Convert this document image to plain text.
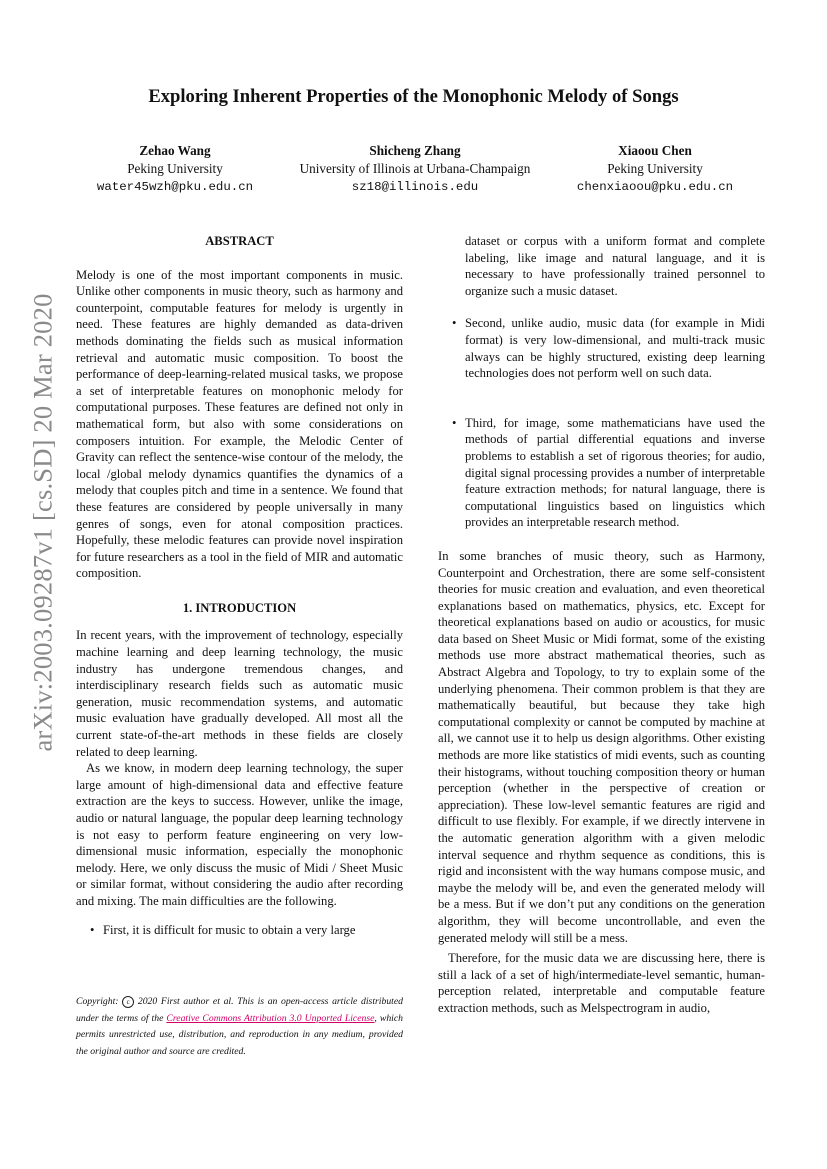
arXiv:2003.09287v1 [cs.SD] 20 Mar 2020
Exploring Inherent Properties of the Monophonic Melody of Songs
Zehao Wang
Peking University
water45wzh@pku.edu.cn
Shicheng Zhang
University of Illinois at Urbana-Champaign
sz18@illinois.edu
Xiaoou Chen
Peking University
chenxiaoou@pku.edu.cn
ABSTRACT

Melody is one of the most important components in music. Unlike other components in music theory, such as harmony and counterpoint, computable features for melody is urgently in need. These features are highly demanded as data-driven methods dominating the fields such as musical information retrieval and automatic music composition. To boost the performance of deep-learning-related musical tasks, we propose a set of interpretable features on monophonic melody for computational purposes. These features are defined not only in mathematical form, but also with some considerations on composers intuition. For example, the Melodic Center of Gravity can reflect the sentence-wise contour of the melody, the local /global melody dynamics quantifies the dynamics of a melody that couples pitch and time in a sentence. We found that these features are considered by people universally in many genres of songs, even for atonal composition practices. Hopefully, these melodic features can provide novel inspiration for future researchers as a tool in the field of MIR and automatic composition.

1. INTRODUCTION

In recent years, with the improvement of technology, especially machine learning and deep learning technology, the music industry has undergone tremendous changes, and interdisciplinary research fields such as automatic music generation, music recommendation systems, and automatic music evaluation have gradually developed. All most all the current state-of-the-art methods in these fields are closely related to deep learning.

As we know, in modern deep learning technology, the super large amount of high-dimensional data and effective feature extraction are the keys to success. However, unlike the image, audio or natural language, the popular deep learning technology is not easy to perform feature engineering on very low-dimensional music information, especially the monophonic melody. Here, we only discuss the music of Midi / Sheet Music or similar format, without considering the audio after recording and mixing. The main difficulties are the following.

• First, it is difficult for music to obtain a very large
dataset or corpus with a uniform format and complete labeling, like image and natural language, and it is necessary to have professionally trained personnel to organize such a music dataset.
• Second, unlike audio, music data (for example in Midi format) is very low-dimensional, and multi-track music always can be highly structured, existing deep learning technologies does not perform well on such data.
• Third, for image, some mathematicians have used the methods of partial differential equations and inverse problems to establish a set of rigorous theories; for audio, digital signal processing provides a number of interpretable feature extraction methods; for natural language, there is computational linguistics based on linguistics which provides an interpretable research method.

In some branches of music theory, such as Harmony, Counterpoint and Orchestration, there are some self-consistent theories for music creation and evaluation, and even theoretical explanations based on mathematics, physics, etc. Except for theoretical explanations based on audio or acoustics, for music data based on Sheet Music or Midi format, some of the existing methods use more abstract mathematical theories, such as Abstract Algebra and Topology, to try to explain some of the underlying phenomena. Their common problem is that they are mathematically beautiful, but because they take high computational complexity or cannot be computed by machine at all, we cannot use it to help us design algorithms. Other existing methods are more like statistics of midi events, such as counting their histograms, without touching composition theory or human perception (whether in the perspective of creation or appreciation). These low-level semantic features are rigid and difficult to use flexibly. For example, if we directly intervene in the automatic generation algorithm with a given melodic interval sequence and rhythm sequence as conditions, this is rigid and inconsistent with the way humans compose music, and maybe the melody will be, and even the generated melody will be a mess. But if we don’t put any conditions on the generation algorithm, they will become uncontrollable, and even the generated melody will still be a mess.

Therefore, for the music data we are discussing here, there is still a lack of a set of high/intermediate-level semantic, human-perception related, interpretable and computable feature extraction methods, such as Melspectrogram in audio,

Copyright: c 2020 First author et al. This is an open-access article distributed under the terms of the Creative Commons Attribution 3.0 Unported License, which permits unrestricted use, distribution, and reproduction in any medium, provided the original author and source are credited.
